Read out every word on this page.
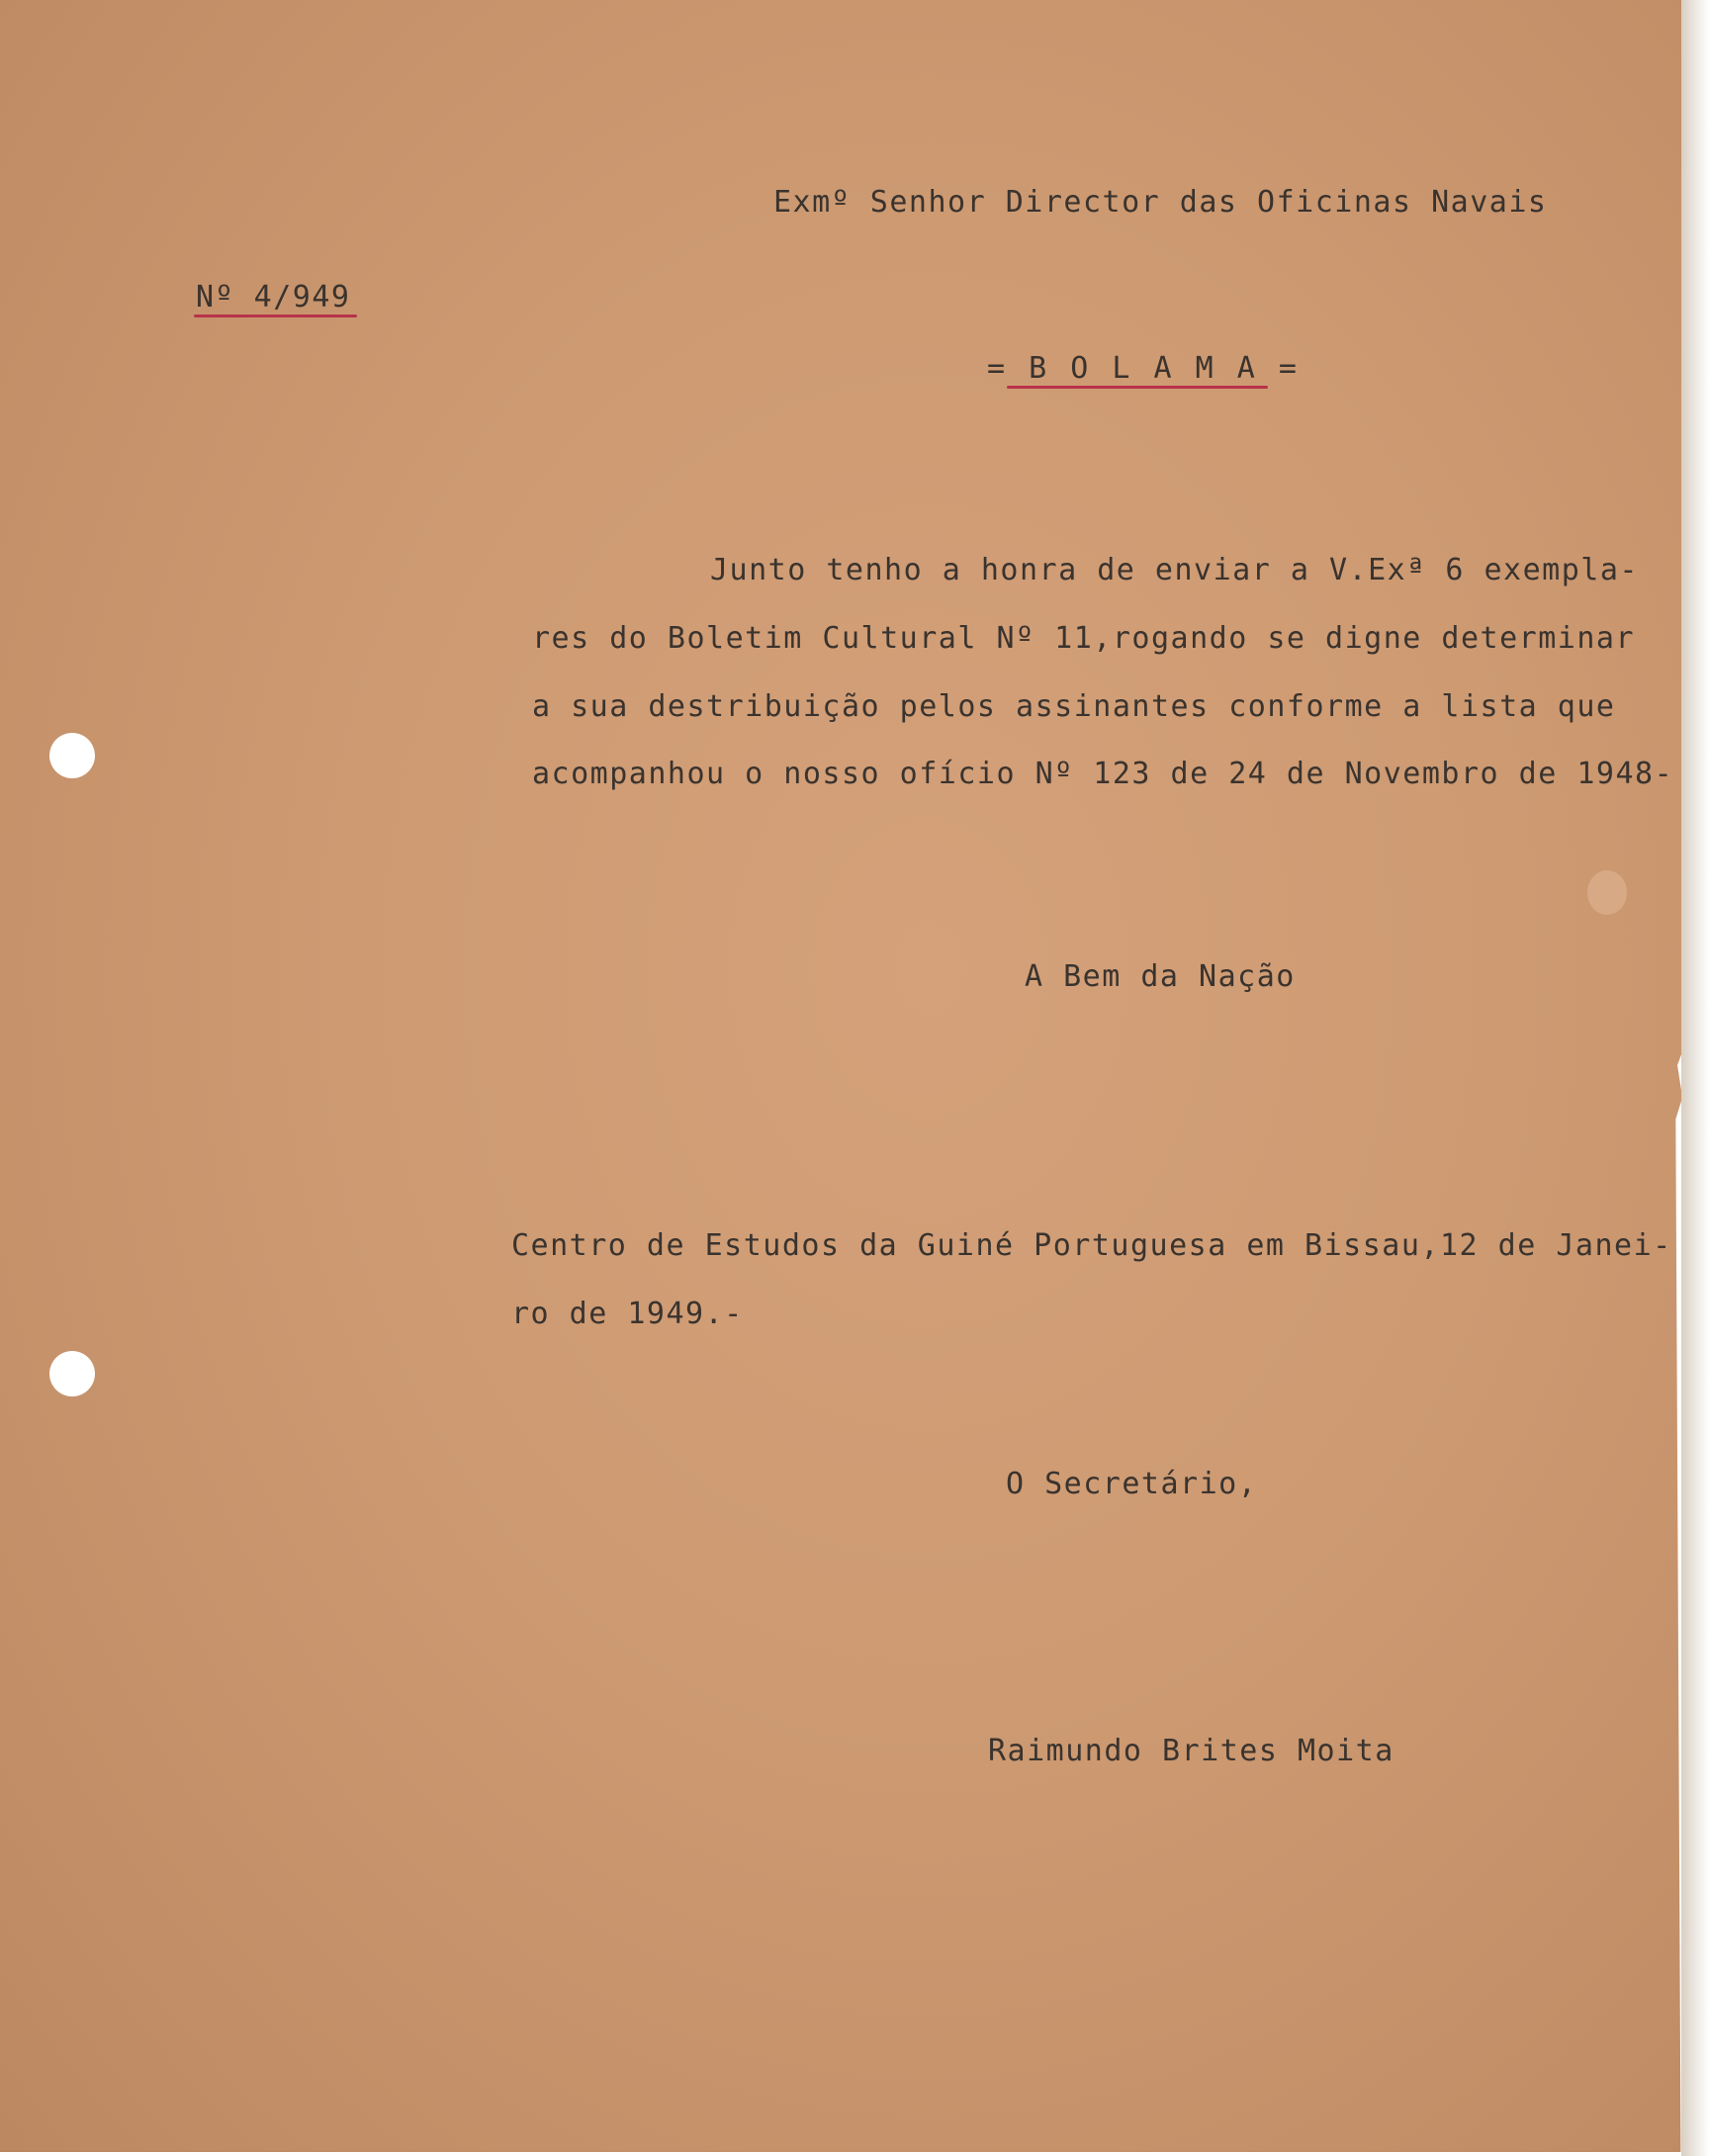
Exmº Senhor Director das Oficinas Navais
Nº 4/949
= B O L A M A =
Junto tenho a honra de enviar a V.Exª 6 exempla-
res do Boletim Cultural Nº 11,rogando se digne determinar
a sua destribuição pelos assinantes conforme a lista que
acompanhou o nosso ofício Nº 123 de 24 de Novembro de 1948-
A Bem da Nação
Centro de Estudos da Guiné Portuguesa em Bissau,12 de Janei-
ro de 1949.-
O Secretário,
Raimundo Brites Moita
